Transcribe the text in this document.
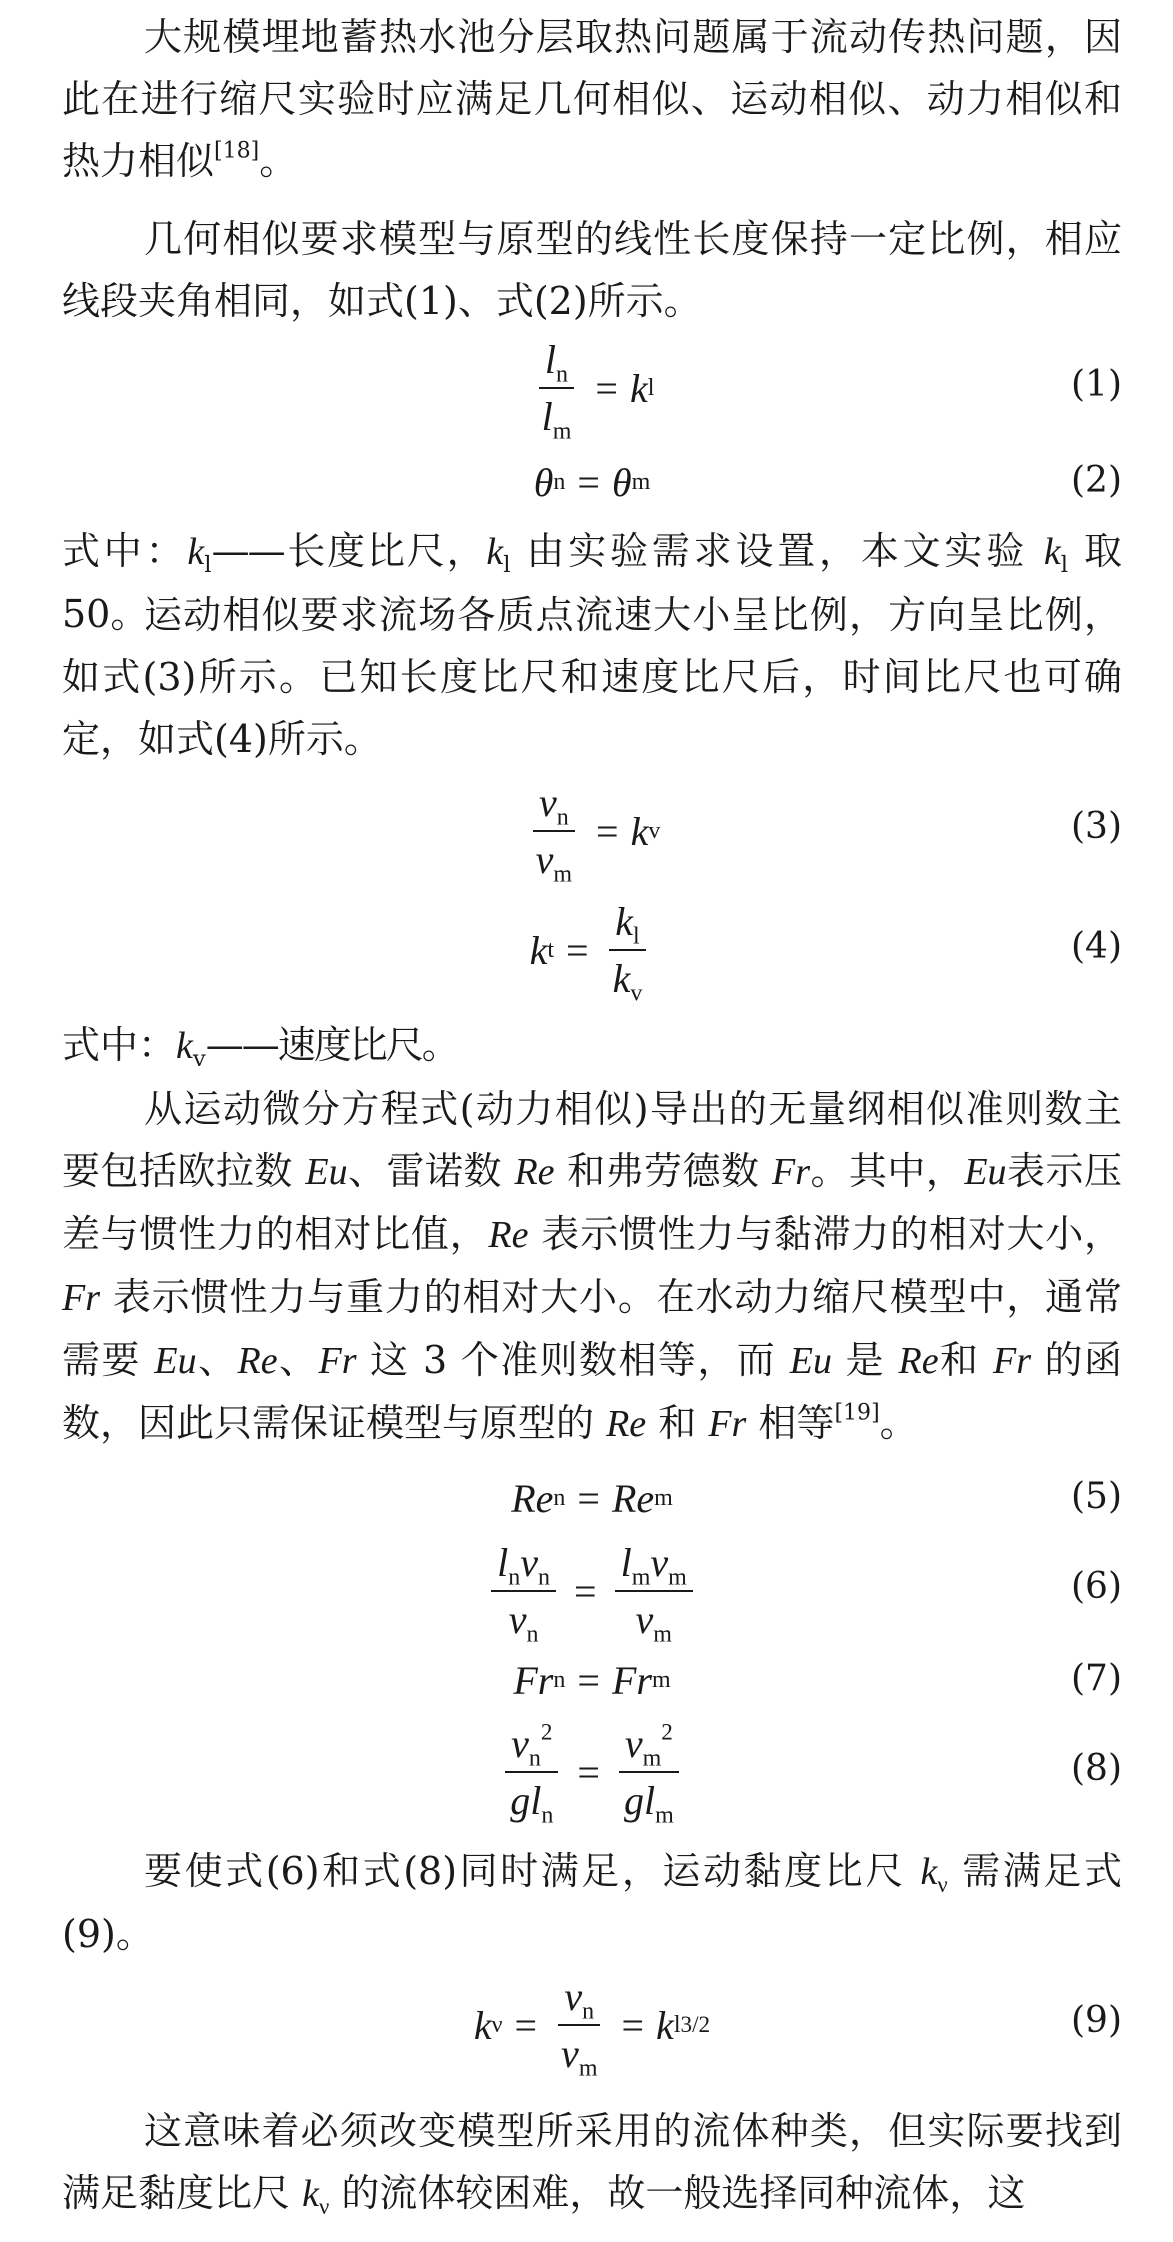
大规模埋地蓄热水池分层取热问题属于流动传热问题，因此在进行缩尺实验时应满足几何相似、运动相似、动力相似和热力相似[18]。

几何相似要求模型与原型的线性长度保持一定比例，相应线段夹角相同，如式(1)、式(2)所示。

$\frac{l_n}{l_m} = k$ l	(1)
θ n = θ m	(2)

式中：$k_l——$长度比尺，$k_l$ 由实验需求设置，本文实验 $k_l$ 取 50。

运动相似要求流场各质点流速大小呈比例，方向呈比例，如式(3)所示。已知长度比尺和速度比尺后，时间比尺也可确定，如式(4)所示。

$\frac{v_n}{v_m} = k$ v	(3)
k $t = \frac{k_l}{k_v}$	(4)

式中：$k_v——$速度比尺。

从运动微分方程式(动力相似)导出的无量纲相似准则数主要包括欧拉数 Eu、雷诺数 Re 和弗劳德数 Fr。其中，Eu表示压差与惯性力的相对比值，Re 表示惯性力与黏滞力的相对大小，Fr 表示惯性力与重力的相对大小。在水动力缩尺模型中，通常需要 Eu、Re、Fr 这 3 个准则数相等，而 Eu 是 Re和 Fr 的函数，因此只需保证模型与原型的 Re 和 Fr 相等[19]。

Re n = Re m	(5)
$\frac{l_nv_n}{\nu_n} = \frac{l_mv_m}{\nu_m}$	(6)
Fr n = Fr m	(7)
$\frac{v_n^2}{gl_n} = \frac{v_m^2}{gl_m}$	(8)

要使式(6)和式(8)同时满足，运动黏度比尺 $k_\nu$ 需满足式(9)。

k $\nu = \frac{\nu_n}{\nu_m} = k$ l 3/2	(9)

这意味着必须改变模型所采用的流体种类，但实际要找到满足黏度比尺 $k_\nu$ 的流体较困难，故一般选择同种流体，这
